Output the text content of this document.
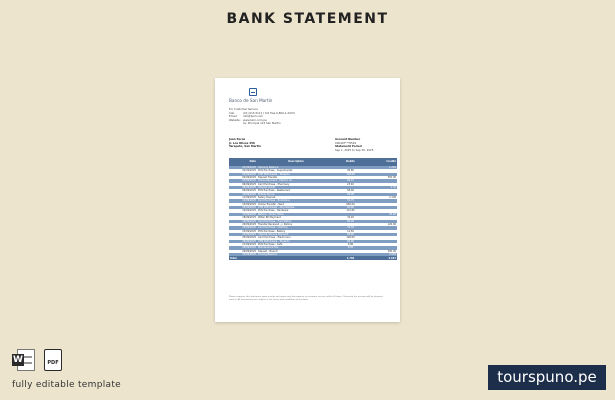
BANK STATEMENT
Banco de San Martin
For Customer Service
Call:	(01) 613-5111 / toll free 0-800-1-XXXX
Email:	info@bsm.com
Website: www.bsm.com.pe
Av. Principal 123 San Martin
Juan Perez
Jr. Los Olivos 456
Tarapoto, San Martin
Account Number
000467***8549
Statement Period
Sep 1, 2025 to Sep 30, 2025
Date	Description	Debits	Credits
01/09/2025	Opening Balance		1.250
02/09/2025	POS Purchase - Supermarket	45.80	
03/09/2025	ATM Withdrawal - Tarapoto	100.00	
04/09/2025	Deposit Transfer		350.00
05/09/2025	Online Payment - Electric Co.	82.15	
06/09/2025	Card Purchase - Pharmacy	23.40	
08/09/2025	Interest Credit		2.35
09/09/2025	POS Purchase - Restaurant	58.90	
10/09/2025	Mobile Top-up	20.00	
11/09/2025	Salary Deposit		2.100
12/09/2025	Card Purchase - Bookstore	31.75	
13/09/2025	Online Transfer - Rent	650.00	
15/09/2025	ATM Withdrawal - Moyobamba	80.00	
16/09/2025	POS Purchase - Hardware	112.60	
17/09/2025	Refund - Online Store		45.00
18/09/2025	Water Bill Payment	34.20	
19/09/2025	Card Purchase - Fuel Station	90.00	
20/09/2025	Transfer Received - J. Ramos		120.00
22/09/2025	Card Purchase - Clothing	76.30	
23/09/2025	POS Purchase - Bakery	12.50	
24/09/2025	Internet Service Payment	89.90	
25/09/2025	Card Purchase - Electronics	199.00	
26/09/2025	ATM Withdrawal - Tarapoto	60.00	
27/09/2025	POS Purchase - Cafe	9.80	
28/09/2025	Maintenance Fee	8.00	
29/09/2025	Deposit - Branch		300.00
30/09/2025	Closing Balance		2.584
Total		1.784	4.167
Please examine this statement upon receipt and report any discrepancy to customer service within 30 days. Otherwise the account will be deemed correct. All transactions are subject to the terms and conditions of the bank.
W	PDF
fully editable template	tourspuno.pe
